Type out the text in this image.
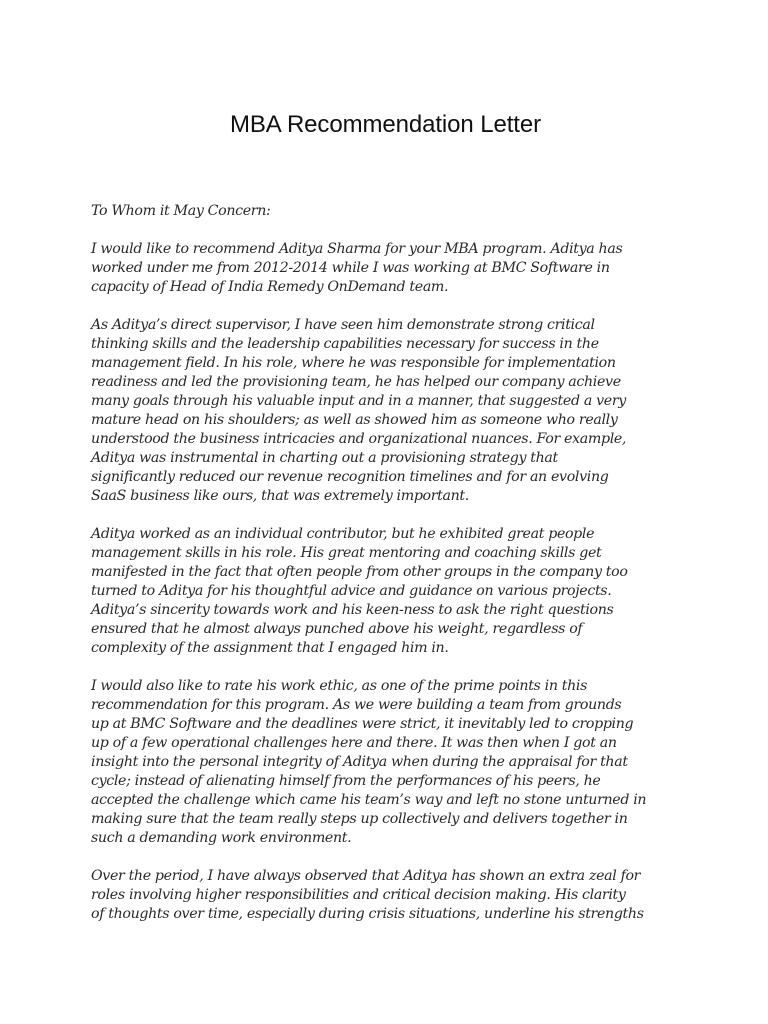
MBA Recommendation Letter

To Whom it May Concern:

I would like to recommend Aditya Sharma for your MBA program. Aditya has
worked under me from 2012-2014 while I was working at BMC Software in
capacity of Head of India Remedy OnDemand team.

As Aditya’s direct supervisor, I have seen him demonstrate strong critical
thinking skills and the leadership capabilities necessary for success in the
management field. In his role, where he was responsible for implementation
readiness and led the provisioning team, he has helped our company achieve
many goals through his valuable input and in a manner, that suggested a very
mature head on his shoulders; as well as showed him as someone who really
understood the business intricacies and organizational nuances. For example,
Aditya was instrumental in charting out a provisioning strategy that
significantly reduced our revenue recognition timelines and for an evolving
SaaS business like ours, that was extremely important.

Aditya worked as an individual contributor, but he exhibited great people
management skills in his role. His great mentoring and coaching skills get
manifested in the fact that often people from other groups in the company too
turned to Aditya for his thoughtful advice and guidance on various projects.
Aditya’s sincerity towards work and his keen-ness to ask the right questions
ensured that he almost always punched above his weight, regardless of
complexity of the assignment that I engaged him in.

I would also like to rate his work ethic, as one of the prime points in this
recommendation for this program. As we were building a team from grounds
up at BMC Software and the deadlines were strict, it inevitably led to cropping
up of a few operational challenges here and there. It was then when I got an
insight into the personal integrity of Aditya when during the appraisal for that
cycle; instead of alienating himself from the performances of his peers, he
accepted the challenge which came his team’s way and left no stone unturned in
making sure that the team really steps up collectively and delivers together in
such a demanding work environment.

Over the period, I have always observed that Aditya has shown an extra zeal for
roles involving higher responsibilities and critical decision making. His clarity
of thoughts over time, especially during crisis situations, underline his strengths
